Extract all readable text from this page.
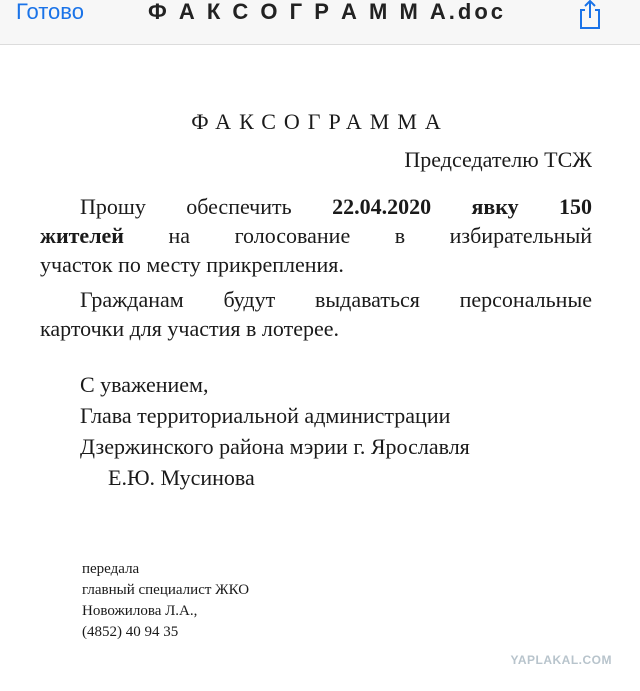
Готово	Ф А К С О Г Р А М М А.doc
ФАКСОГРАММА
Председателю ТСЖ
Прошу обеспечить 22.04.2020 явку 150
жителей на голосование в избирательный
участок по месту прикрепления.
Гражданам будут выдаваться персональные
карточки для участия в лотерее.
С уважением,
Глава территориальной администрации
Дзержинского района мэрии г. Ярославля
Е.Ю. Мусинова
передала
главный специалист ЖКО
Новожилова Л.А.,
(4852) 40 94 35
YAPLAKAL.COM
